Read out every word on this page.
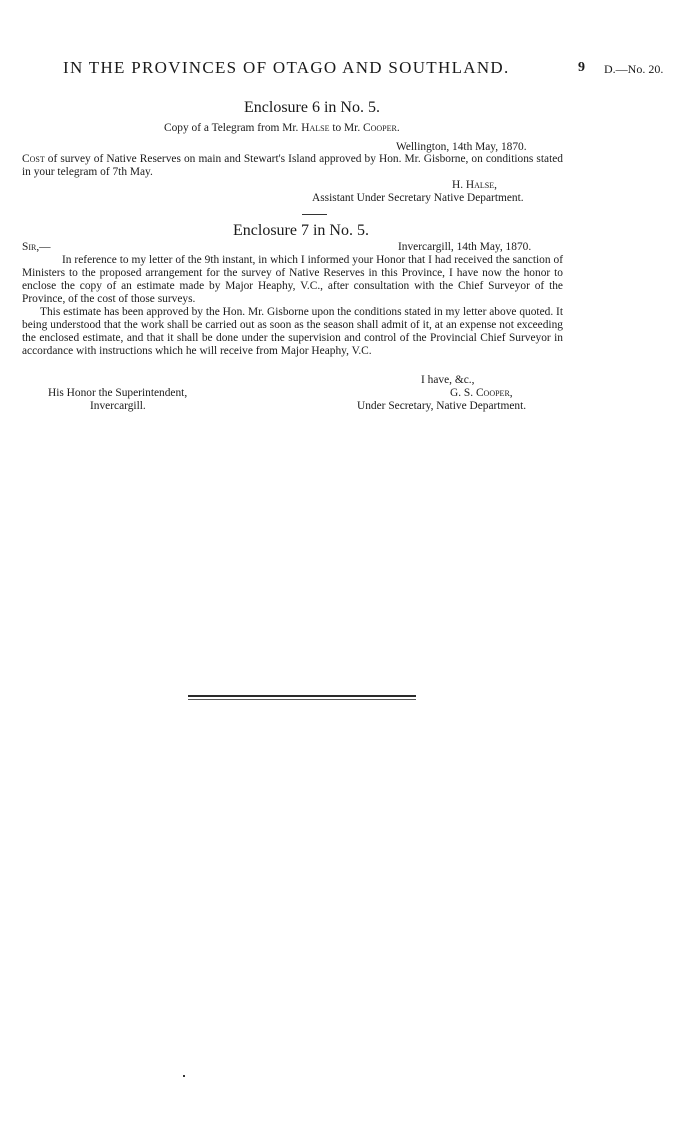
IN THE PROVINCES OF OTAGO AND SOUTHLAND.	9 D.—No. 20.
Enclosure 6 in No. 5.
Copy of a Telegram from Mr. Halse to Mr. Cooper.
Wellington, 14th May, 1870.

Cost of survey of Native Reserves on main and Stewart's Island approved by Hon. Mr. Gisborne, on conditions stated in your telegram of 7th May.

H. Halse,
Assistant Under Secretary Native Department.
Enclosure 7 in No. 5.
Sir,—	Invercargill, 14th May, 1870.

In reference to my letter of the 9th instant, in which I informed your Honor that I had received the sanction of Ministers to the proposed arrangement for the survey of Native Reserves in this Province, I have now the honor to enclose the copy of an estimate made by Major Heaphy, V.C., after consultation with the Chief Surveyor of the Province, of the cost of those surveys.

This estimate has been approved by the Hon. Mr. Gisborne upon the conditions stated in my letter above quoted. It being understood that the work shall be carried out as soon as the season shall admit of it, at an expense not exceeding the enclosed estimate, and that it shall be done under the supervision and control of the Provincial Chief Surveyor in accordance with instructions which he will receive from Major Heaphy, V.C.

I have, &c.,
G. S. Cooper,
Under Secretary, Native Department.
His Honor the Superintendent,
Invercargill.
